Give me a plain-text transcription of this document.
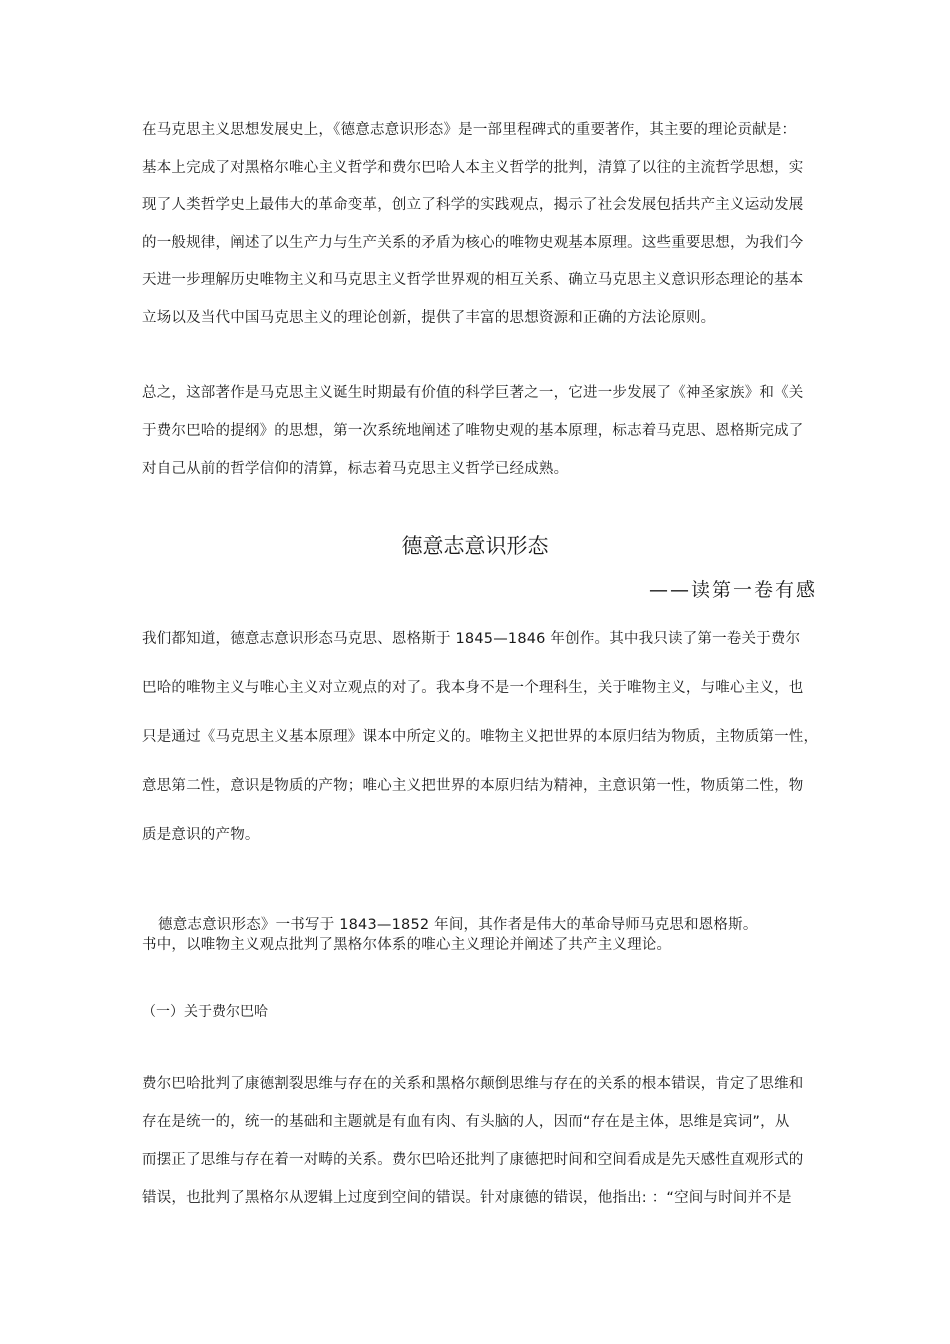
在马克思主义思想发展史上，《德意志意识形态》是一部里程碑式的重要著作，其主要的理论贡献是：
基本上完成了对黑格尔唯心主义哲学和费尔巴哈人本主义哲学的批判，清算了以往的主流哲学思想，实
现了人类哲学史上最伟大的革命变革，创立了科学的实践观点，揭示了社会发展包括共产主义运动发展
的一般规律，阐述了以生产力与生产关系的矛盾为核心的唯物史观基本原理。这些重要思想，为我们今
天进一步理解历史唯物主义和马克思主义哲学世界观的相互关系、确立马克思主义意识形态理论的基本
立场以及当代中国马克思主义的理论创新，提供了丰富的思想资源和正确的方法论原则。
总之，这部著作是马克思主义诞生时期最有价值的科学巨著之一，它进一步发展了《神圣家族》和《关
于费尔巴哈的提纲》的思想，第一次系统地阐述了唯物史观的基本原理，标志着马克思、恩格斯完成了
对自己从前的哲学信仰的清算，标志着马克思主义哲学已经成熟。
德意志意识形态
——读第一卷有感
我们都知道，德意志意识形态马克思、恩格斯于 1845—1846 年创作。其中我只读了第一卷关于费尔
巴哈的唯物主义与唯心主义对立观点的对了。我本身不是一个理科生，关于唯物主义，与唯心主义，也
只是通过《马克思主义基本原理》课本中所定义的。唯物主义把世界的本原归结为物质，主物质第一性，
意思第二性，意识是物质的产物；唯心主义把世界的本原归结为精神，主意识第一性，物质第二性，物
质是意识的产物。
德意志意识形态》一书写于 1843—1852 年间，其作者是伟大的革命导师马克思和恩格斯。
书中，以唯物主义观点批判了黑格尔体系的唯心主义理论并阐述了共产主义理论。
（一）关于费尔巴哈
费尔巴哈批判了康德割裂思维与存在的关系和黑格尔颠倒思维与存在的关系的根本错误，肯定了思维和
存在是统一的，统一的基础和主题就是有血有肉、有头脑的人，因而“存在是主体，思维是宾词”，从
而摆正了思维与存在着一对畴的关系。费尔巴哈还批判了康德把时间和空间看成是先天感性直观形式的
错误，也批判了黑格尔从逻辑上过度到空间的错误。针对康德的错误，他指出: ：“空间与时间并不是
